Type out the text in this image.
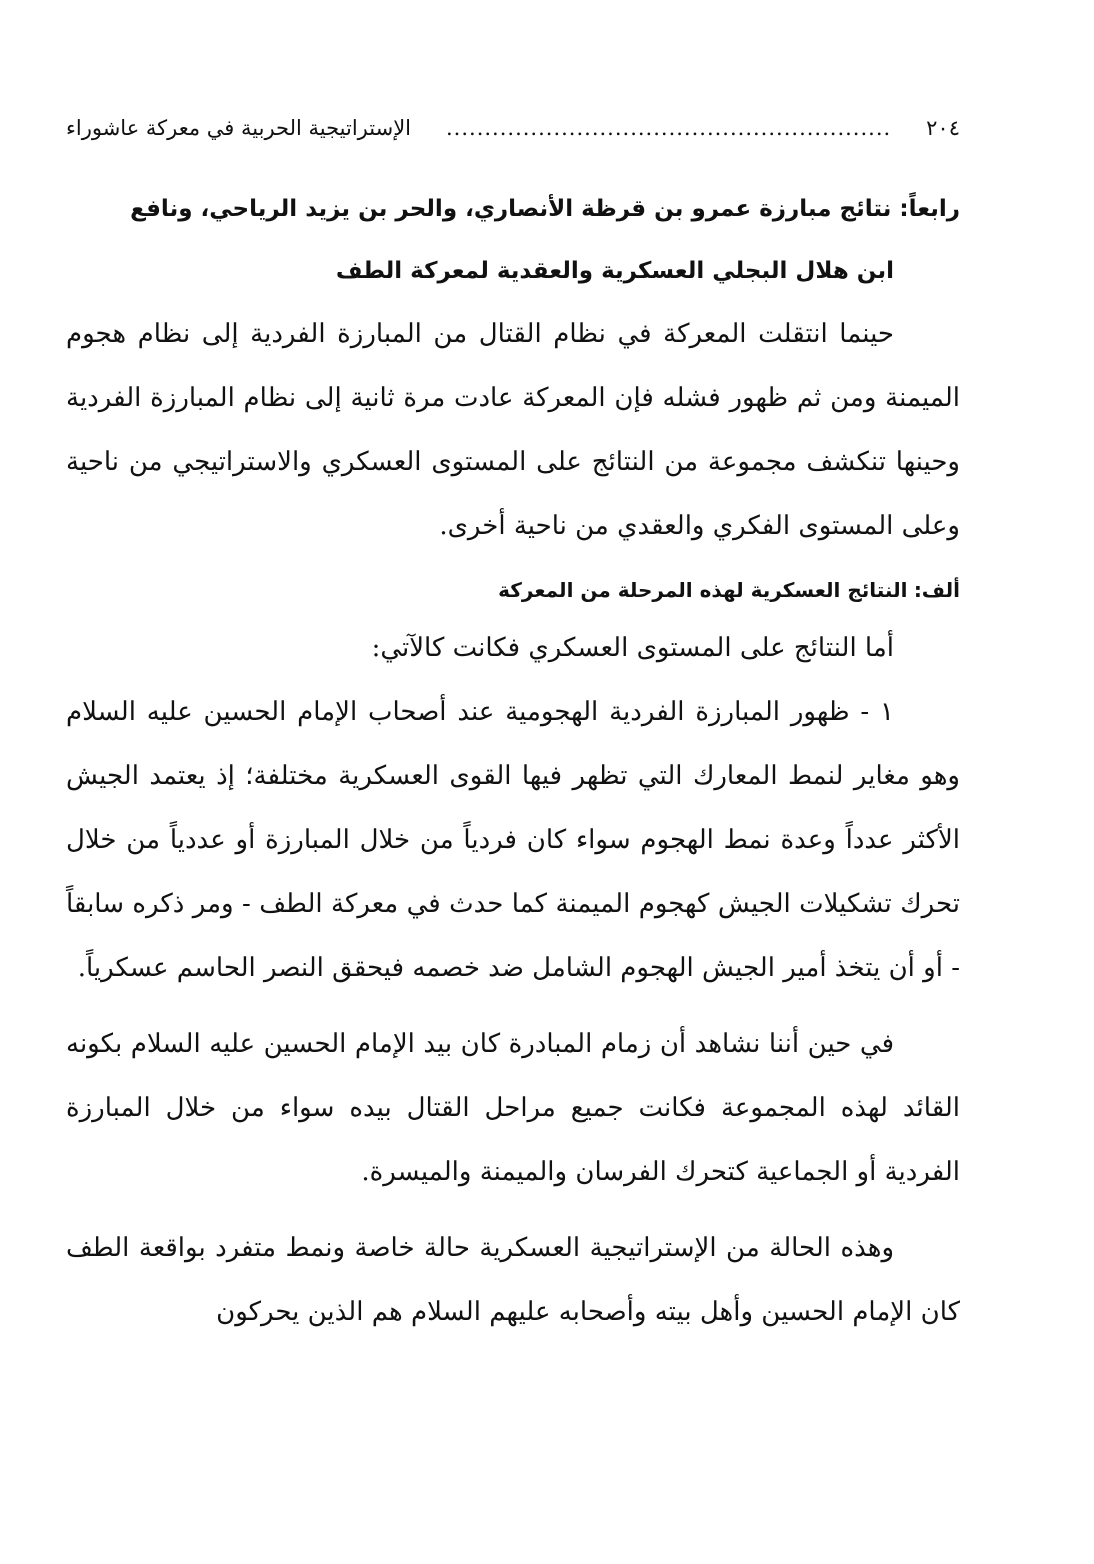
٢٠٤
..........................................................
الإستراتيجية الحربية في معركة عاشوراء
رابعاً: نتائج مبارزة عمرو بن قرظة الأنصاري، والحر بن يزيد الرياحي، ونافع
ابن هلال البجلي العسكرية والعقدية لمعركة الطف

حينما انتقلت المعركة في نظام القتال من المبارزة الفردية إلى نظام هجوم الميمنة ومن ثم ظهور فشله فإن المعركة عادت مرة ثانية إلى نظام المبارزة الفردية وحينها تنكشف مجموعة من النتائج على المستوى العسكري والاستراتيجي من ناحية وعلى المستوى الفكري والعقدي من ناحية أخرى.

ألف: النتائج العسكرية لهذه المرحلة من المعركة

أما النتائج على المستوى العسكري فكانت كالآتي:

١ - ظهور المبارزة الفردية الهجومية عند أصحاب الإمام الحسين عليه السلام وهو مغاير لنمط المعارك التي تظهر فيها القوى العسكرية مختلفة؛ إذ يعتمد الجيش الأكثر عدداً وعدة نمط الهجوم سواء كان فردياً من خلال المبارزة أو عددياً من خلال تحرك تشكيلات الجيش كهجوم الميمنة كما حدث في معركة الطف - ومر ذكره سابقاً - أو أن يتخذ أمير الجيش الهجوم الشامل ضد خصمه فيحقق النصر الحاسم عسكرياً.

في حين أننا نشاهد أن زمام المبادرة كان بيد الإمام الحسين عليه السلام بكونه القائد لهذه المجموعة فكانت جميع مراحل القتال بيده سواء من خلال المبارزة الفردية أو الجماعية كتحرك الفرسان والميمنة والميسرة.

وهذه الحالة من الإستراتيجية العسكرية حالة خاصة ونمط متفرد بواقعة الطف كان الإمام الحسين وأهل بيته وأصحابه عليهم السلام هم الذين يحركون
